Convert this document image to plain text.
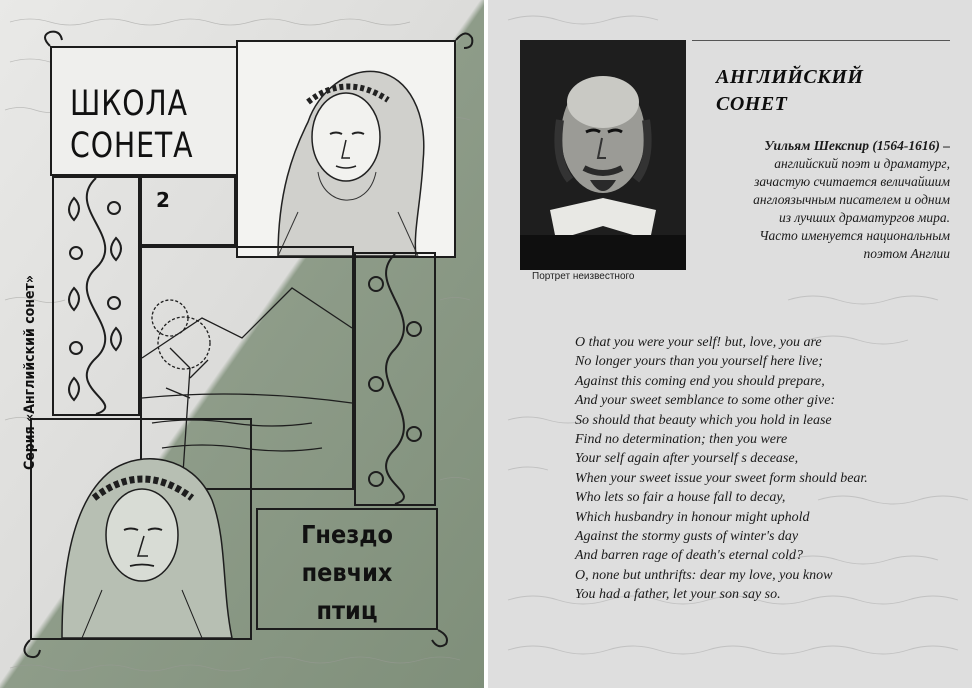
ШКОЛА
СОНЕТА
2
Гнездо
певчих
птиц
Серия «Английский сонет»	Портрет неизвестного
АНГЛИЙСКИЙ
СОНЕТ
Уильям Шекспир (1564-1616) –
английский поэт и драматург,
зачастую считается величайшим
англоязычным писателем и одним
из лучших драматургов мира.
Часто именуется национальным
поэтом Англии
O that you were your self! but, love, you are
No longer yours than you yourself here live;
Against this coming end you should prepare,
And your sweet semblance to some other give:
So should that beauty which you hold in lease
Find no determination; then you were
Your self again after yourself s decease,
When your sweet issue your sweet form should bear.
Who lets so fair a house fall to decay,
Which husbandry in honour might uphold
Against the stormy gusts of winter's day
And barren rage of death's eternal cold?
O, none but unthrifts: dear my love, you know
You had a father, let your son say so.
